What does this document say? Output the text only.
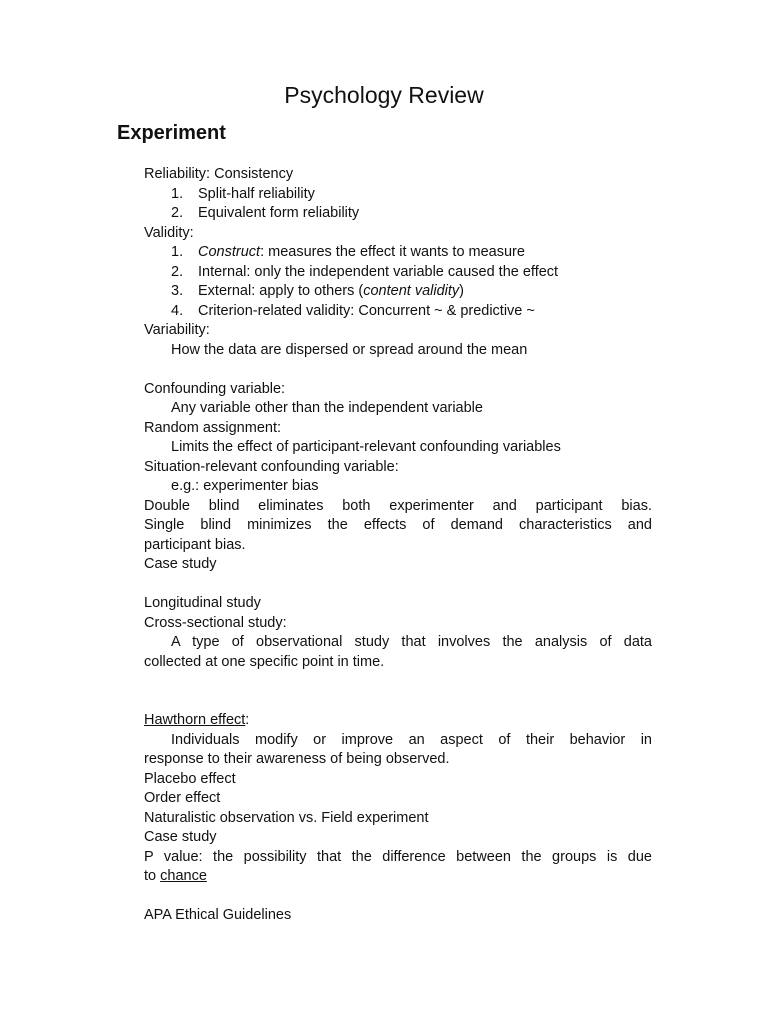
Psychology Review
Experiment
Reliability: Consistency
1. Split-half reliability
2. Equivalent form reliability
Validity:
1. Construct: measures the effect it wants to measure
2. Internal: only the independent variable caused the effect
3. External: apply to others (content validity)
4. Criterion-related validity: Concurrent ~ & predictive ~
Variability:
How the data are dispersed or spread around the mean
Confounding variable:
Any variable other than the independent variable
Random assignment:
Limits the effect of participant-relevant confounding variables
Situation-relevant confounding variable:
e.g.: experimenter bias
Double blind eliminates both experimenter and participant bias.
Single blind minimizes the effects of demand characteristics and
participant bias.
Case study
Longitudinal study
Cross-sectional study:
A type of observational study that involves the analysis of data
collected at one specific point in time.
Hawthorn effect:
Individuals modify or improve an aspect of their behavior in
response to their awareness of being observed.
Placebo effect
Order effect
Naturalistic observation vs. Field experiment
Case study
P value: the possibility that the difference between the groups is due
to chance
APA Ethical Guidelines
